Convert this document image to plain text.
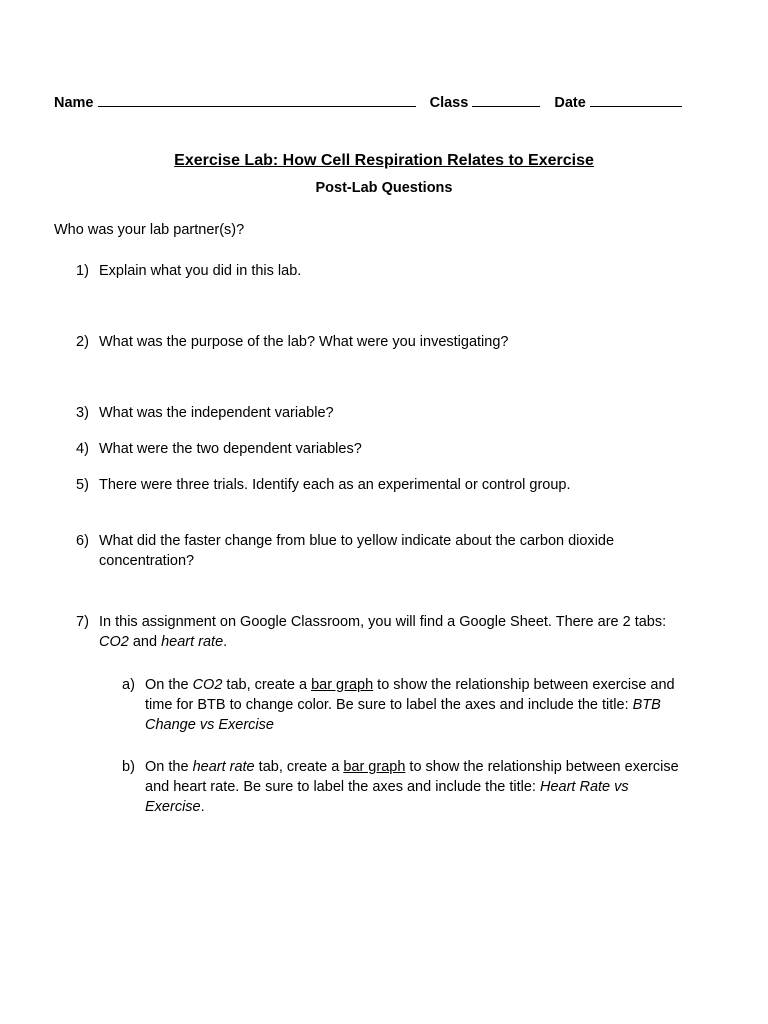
Name	Class	Date
Exercise Lab: How Cell Respiration Relates to Exercise
Post-Lab Questions
Who was your lab partner(s)?
1) Explain what you did in this lab.
2) What was the purpose of the lab? What were you investigating?
3) What was the independent variable?
4) What were the two dependent variables?
5) There were three trials. Identify each as an experimental or control group.
6) What did the faster change from blue to yellow indicate about the carbon dioxide
concentration?
7) In this assignment on Google Classroom, you will find a Google Sheet. There are 2 tabs:
CO2 and heart rate.
a) On the CO2 tab, create a bar graph to show the relationship between exercise and
time for BTB to change color. Be sure to label the axes and include the title: BTB
Change vs Exercise
b) On the heart rate tab, create a bar graph to show the relationship between exercise
and heart rate. Be sure to label the axes and include the title: Heart Rate vs
Exercise.
